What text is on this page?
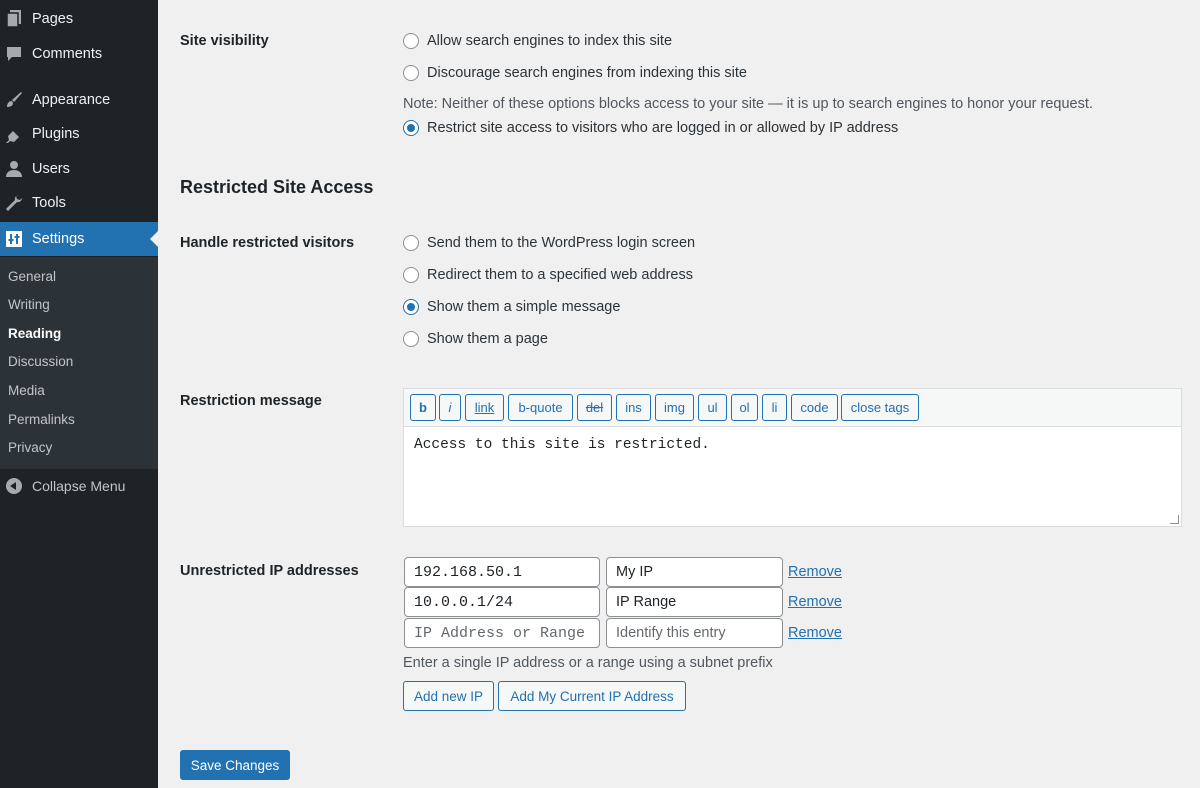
Pages
Comments
Appearance
Plugins
Users
Tools
Settings
General
Writing
Reading
Discussion
Media
Permalinks
Privacy
Collapse Menu
Site visibility	Allow search engines to index this site
Discourage search engines from indexing this site
Note: Neither of these options blocks access to your site — it is up to search engines to honor your request.
Restrict site access to visitors who are logged in or allowed by IP address
Restricted Site Access
Handle restricted visitors	Send them to the WordPress login screen
Redirect them to a specified web address
Show them a simple message
Show them a page
Restriction message	b	i	link	b-quote	del	ins	img	ul	ol	li	code	close tags
Access to this site is restricted.
Unrestricted IP addresses	192.168.50.1	My IP	Remove
10.0.0.1/24	IP Range	Remove
IP Address or Range	Identify this entry	Remove
Enter a single IP address or a range using a subnet prefix
Add new IP	Add My Current IP Address
Save Changes
